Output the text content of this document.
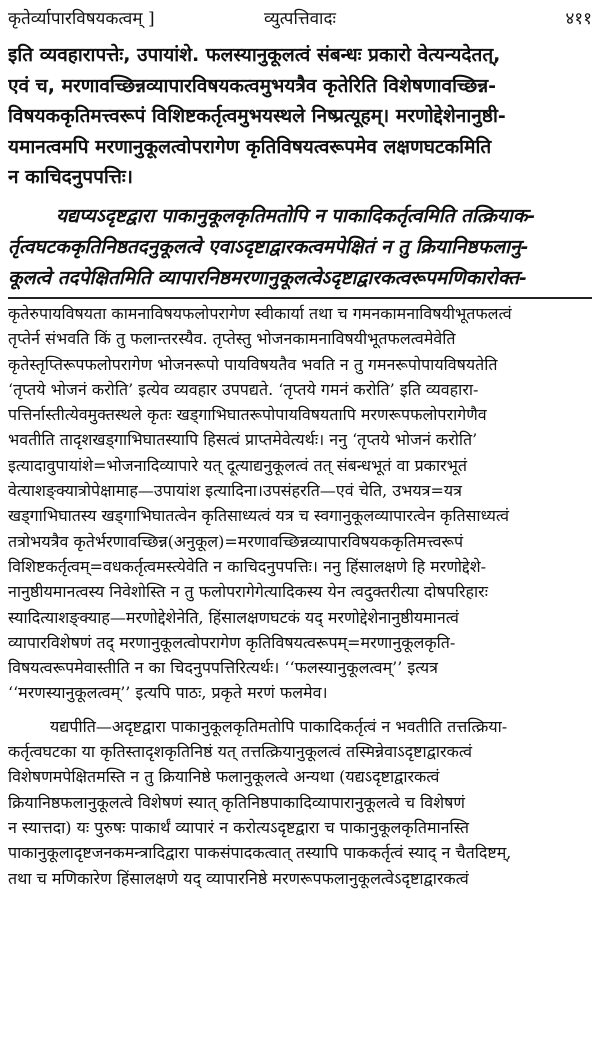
कृतेर्व्यापारविषयकत्वम् ]	व्युत्पत्तिवादः	४११
इति व्यवहारापत्तेः, उपायांशे. फलस्यानुकूलत्वं संबन्धः प्रकारो वेत्यन्यदेतत्,
एवं च, मरणावच्छिन्नव्यापारविषयकत्वमुभयत्रैव कृतेरिति विशेषणावच्छिन्न-
विषयककृतिमत्त्वरूपं विशिष्टकर्तृत्वमुभयस्थले निष्प्रत्यूहम्। मरणोद्देशेनानुष्ठी-
यमानत्वमपि मरणानुकूलत्वोपरागेण कृतिविषयत्वरूपमेव लक्षणघटकमिति
न काचिदनुपपत्तिः।
यद्यप्यऽदृष्टद्वारा पाकानुकूलकृतिमतोपि न पाकादिकर्तृत्वमिति तत्क्रियाक-
र्तृत्वघटककृतिनिष्ठतदनुकूलत्वे एवाऽदृष्टाद्वारकत्वमपेक्षितं न तु क्रियानिष्ठफलानु-
कूलत्वे तदपेक्षितमिति व्यापारनिष्ठमरणानुकूलत्वेऽदृष्टाद्वारकत्वरूपमणिकारोक्त-
कृतेरुपायविषयता कामनाविषयफलोपरागेण स्वीकार्या तथा च गमनकामनाविषयीभूतफलत्वं
तृप्तेर्न संभवति किं तु फलान्तरस्यैव. तृप्तेस्तु भोजनकामनाविषयीभूतफलत्वमेवेति
कृतेस्तृप्तिरूपफलोपरागेण भोजनरूपो पायविषयतैव भवति न तु गमनरूपोपायविषयतेति
‘तृप्तये भोजनं करोति’ इत्येव व्यवहार उपपद्यते. ‘तृप्तये गमनं करोति’ इति व्यवहारा-
पत्तिर्नास्तीत्येवमुक्तस्थले कृतः खड्गाभिघातरूपोपायविषयतापि मरणरूपफलोपरागेणैव
भवतीति तादृशखड्गाभिघातस्यापि हिसत्वं प्राप्तमेवेत्यर्थः। ननु ‘तृप्तये भोजनं करोति’
इत्यादावुपायांशे=भोजनादिव्यापारे यत् दूत्याद्यनुकूलत्वं तत् संबन्धभूतं वा प्रकारभूतं
वेत्याशङ्क्यात्रोपेक्षामाह—उपायांश इत्यादिना।उपसंहरति—एवं चेति, उभयत्र=यत्र
खड्गाभिघातस्य खड्गाभिघातत्वेन कृतिसाध्यत्वं यत्र च स्वगानुकूलव्यापारत्वेन कृतिसाध्यत्वं
तत्रोभयत्रैव कृतेर्भरणावच्छिन्न(अनुकूल)=मरणावच्छिन्नव्यापारविषयककृतिमत्त्वरूपं
विशिष्टकर्तृत्वम्=वधकर्तृत्वमस्त्येवेति न काचिदनुपपत्तिः। ननु हिंसालक्षणे हि मरणोद्देशे-
नानुष्ठीयमानत्वस्य निवेशोस्ति न तु फलोपरागेगेत्यादिकस्य येन त्वदुक्तरीत्या दोषपरिहारः
स्यादित्याशङ्क्याह—मरणोद्देशेनेति, हिंसालक्षणघटकं यद् मरणोद्देशेनानुष्ठीयमानत्वं
व्यापारविशेषणं तद् मरणानुकूलत्वोपरागेण कृतिविषयत्वरूपम्=मरणानुकूलकृति-
विषयत्वरूपमेवास्तीति न का चिदनुपपत्तिरित्यर्थः। ‘‘फलस्यानुकूलत्वम्’’ इत्यत्र
‘‘मरणस्यानुकूलत्वम्’’ इत्यपि पाठः, प्रकृते मरणं फलमेव।
यद्यपीति—अदृष्टद्वारा पाकानुकूलकृतिमतोपि पाकादिकर्तृत्वं न भवतीति तत्तत्क्रिया-
कर्तृत्वघटका या कृतिस्तादृशकृतिनिष्ठं यत् तत्तत्क्रियानुकूलत्वं तस्मिन्नेवाऽदृष्टाद्वारकत्वं
विशेषणमपेक्षितमस्ति न तु क्रियानिष्ठे फलानुकूलत्वे अन्यथा (यद्यऽदृष्टाद्वारकत्वं
क्रियानिष्ठफलानुकूलत्वे विशेषणं स्यात् कृतिनिष्ठपाकादिव्यापारानुकूलत्वे च विशेषणं
न स्यात्तदा) यः पुरुषः पाकार्थं व्यापारं न करोत्यऽदृष्टद्वारा च पाकानुकूलकृतिमानस्ति
पाकानुकूलादृष्टजनकमन्त्रादिद्वारा पाकसंपादकत्वात् तस्यापि पाककर्तृत्वं स्याद् न चैतदिष्टम्,
तथा च मणिकारेण हिंसालक्षणे यद् व्यापारनिष्ठे मरणरूपफलानुकूलत्वेऽदृष्टाद्वारकत्वं
